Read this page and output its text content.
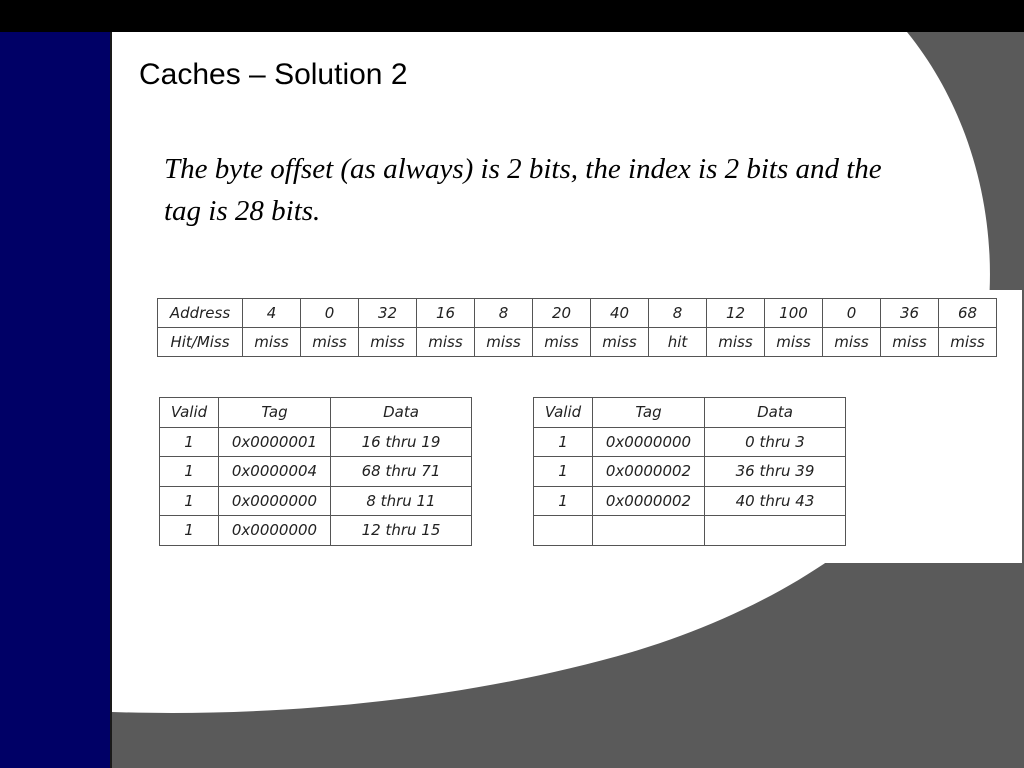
Caches – Solution 2
The byte offset (as always) is 2 bits, the index is 2 bits and the tag is 28 bits.
Address	4	0	32	16	8	20	40	8	12	100	0	36	68
Hit/Miss	miss	miss	miss	miss	miss	miss	miss	hit	miss	miss	miss	miss	miss
Valid	Tag	Data
1	0x0000001	16 thru 19
1	0x0000004	68 thru 71
1	0x0000000	8 thru 11
1	0x0000000	12 thru 15
Valid	Tag	Data
1	0x0000000	0 thru 3
1	0x0000002	36 thru 39
1	0x0000002	40 thru 43
